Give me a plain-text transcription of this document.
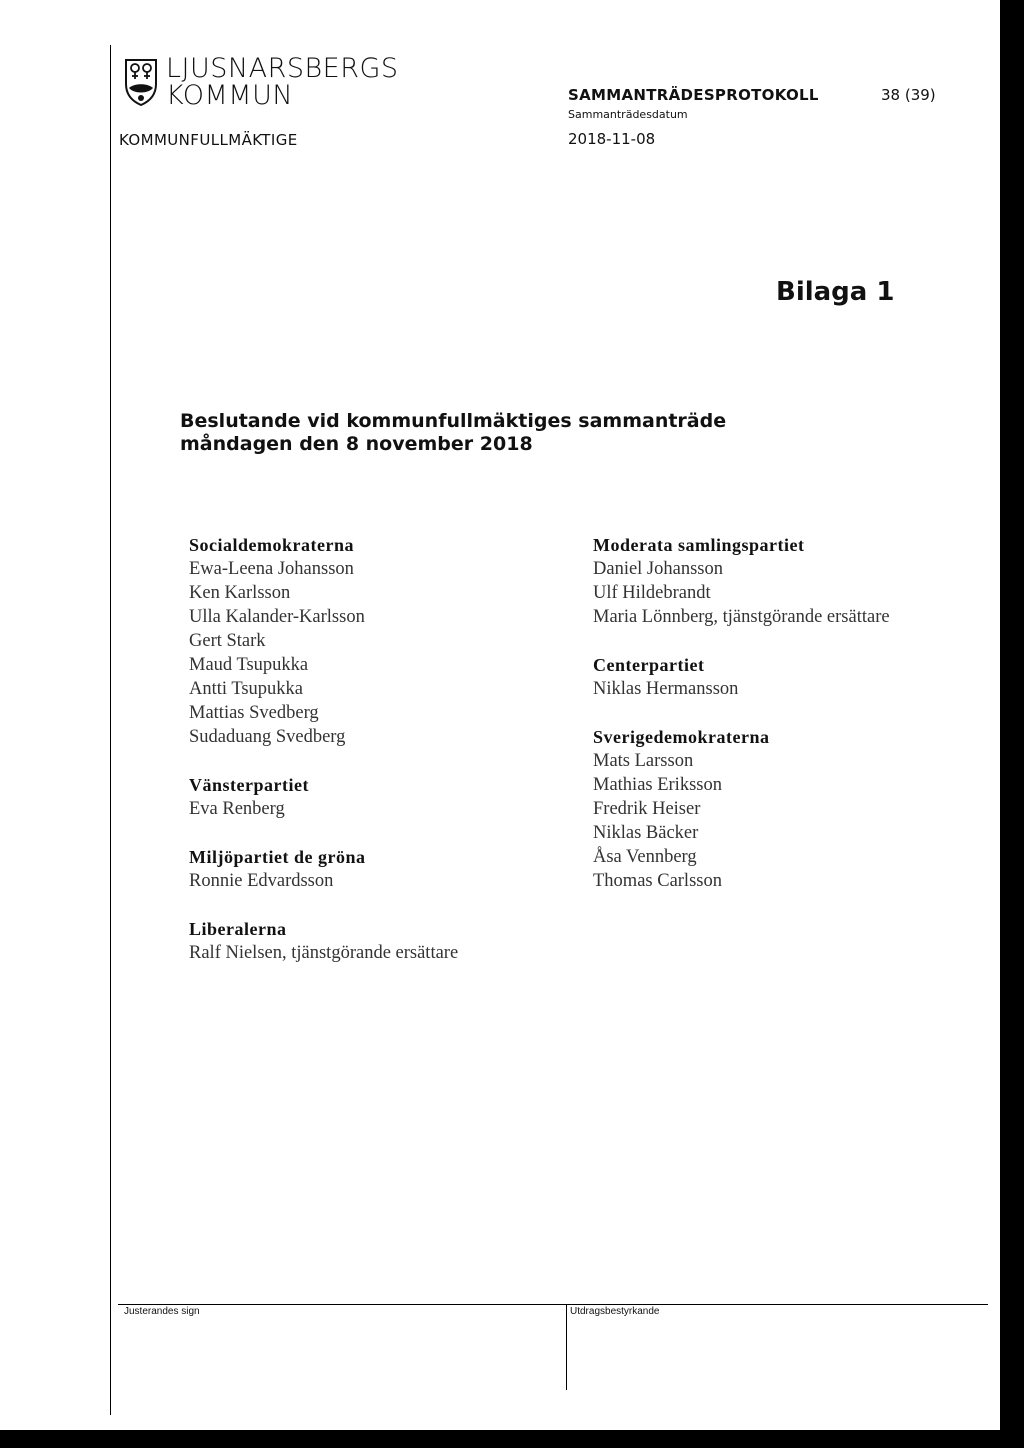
LJUSNARSBERGS
KOMMUN
KOMMUNFULLMÄKTIGE
SAMMANTRÄDESPROTOKOLL	38 (39)
Sammanträdesdatum
2018-11-08
Bilaga 1
Beslutande vid kommunfullmäktiges sammanträde
måndagen den 8 november 2018
Socialdemokraterna
Ewa-Leena Johansson
Ken Karlsson
Ulla Kalander-Karlsson
Gert Stark
Maud Tsupukka
Antti Tsupukka
Mattias Svedberg
Sudaduang Svedberg
Vänsterpartiet
Eva Renberg
Miljöpartiet de gröna
Ronnie Edvardsson
Liberalerna
Ralf Nielsen, tjänstgörande ersättare
Moderata samlingspartiet
Daniel Johansson
Ulf Hildebrandt
Maria Lönnberg, tjänstgörande ersättare
Centerpartiet
Niklas Hermansson
Sverigedemokraterna
Mats Larsson
Mathias Eriksson
Fredrik Heiser
Niklas Bäcker
Åsa Vennberg
Thomas Carlsson
Justerandes sign	Utdragsbestyrkande
